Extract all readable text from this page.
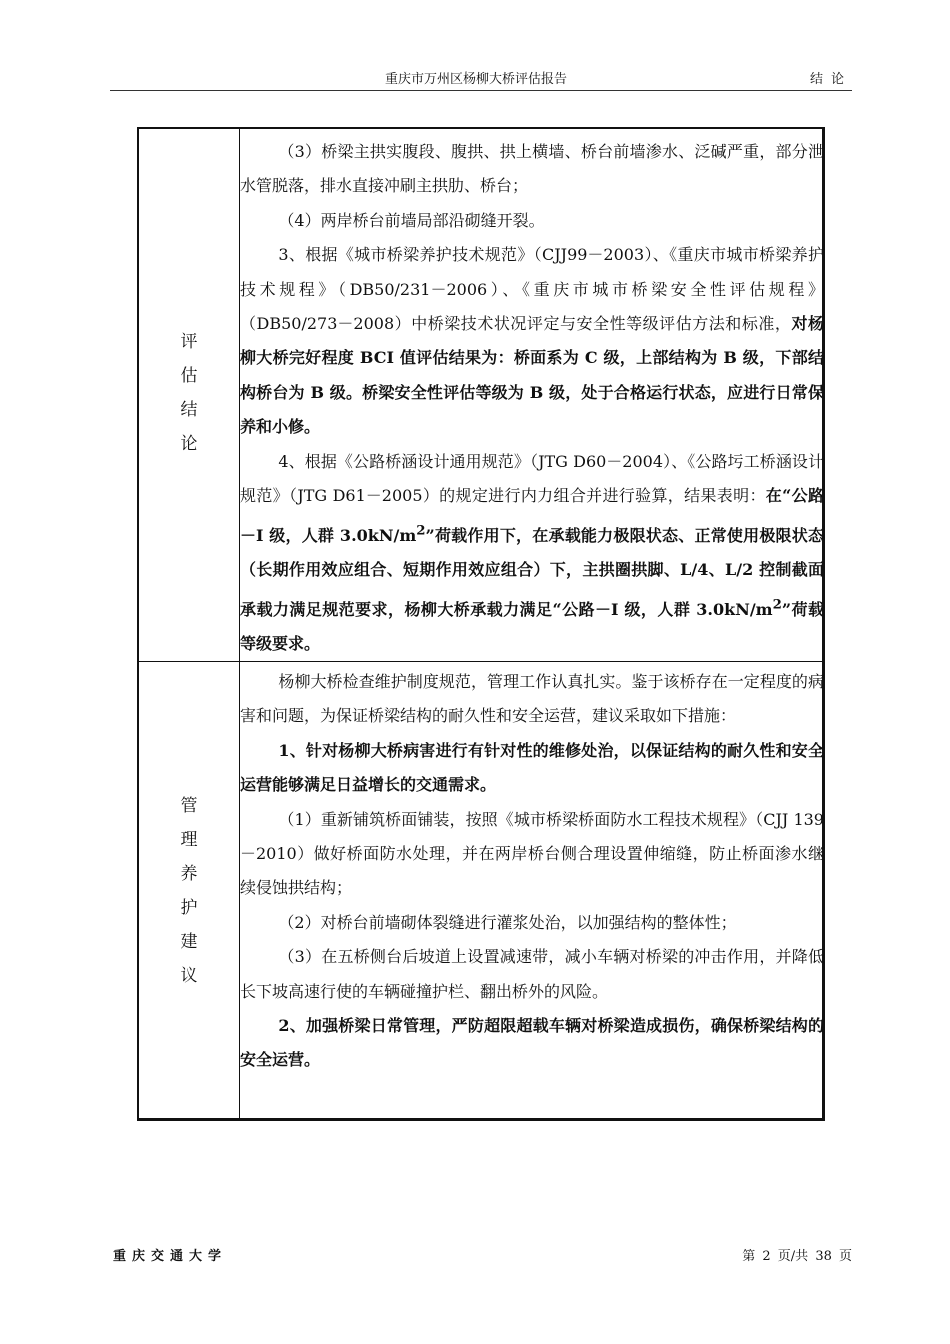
重庆市万州区杨柳大桥评估报告	结论
评
估
结
论

（3）桥梁主拱实腹段、腹拱、拱上横墙、桥台前墙渗水、泛碱严重，部分泄水管脱落，排水直接冲刷主拱肋、桥台；

（4）两岸桥台前墙局部沿砌缝开裂。

3、根据《城市桥梁养护技术规范》（CJJ99－2003）、《重庆市城市桥梁养护技术规程》（DB50/231－2006）、《重庆市城市桥梁安全性评估规程》（DB50/273－2008）中桥梁技术状况评定与安全性等级评估方法和标准，对杨柳大桥完好程度 BCI 值评估结果为：桥面系为 C 级，上部结构为 B 级，下部结构桥台为 B 级。桥梁安全性评估等级为 B 级，处于合格运行状态，应进行日常保养和小修。

4、根据《公路桥涵设计通用规范》（JTG D60－2004）、《公路圬工桥涵设计规范》（JTG D61－2005）的规定进行内力组合并进行验算，结果表明：在“公路－I 级，人群 $3.0kN/m^2$”荷载作用下，在承载能力极限状态、正常使用极限状态（长期作用效应组合、短期作用效应组合）下，主拱圈拱脚、L/4、L/2 控制截面承载力满足规范要求，杨柳大桥承载力满足“公路－I 级，人群 $3.0kN/m^2$”荷载等级要求。

管
理
养
护
建
议

杨柳大桥检查维护制度规范，管理工作认真扎实。鉴于该桥存在一定程度的病害和问题，为保证桥梁结构的耐久性和安全运营，建议采取如下措施：

1、针对杨柳大桥病害进行有针对性的维修处治，以保证结构的耐久性和安全运营能够满足日益增长的交通需求。

（1）重新铺筑桥面铺装，按照《城市桥梁桥面防水工程技术规程》（CJJ 139－2010）做好桥面防水处理，并在两岸桥台侧合理设置伸缩缝，防止桥面渗水继续侵蚀拱结构；

（2）对桥台前墙砌体裂缝进行灌浆处治，以加强结构的整体性；

（3）在五桥侧台后坡道上设置减速带，减小车辆对桥梁的冲击作用，并降低长下坡高速行使的车辆碰撞护栏、翻出桥外的风险。

2、加强桥梁日常管理，严防超限超载车辆对桥梁造成损伤，确保桥梁结构的安全运营。

重庆交通大学	第 2 页/共 38 页
